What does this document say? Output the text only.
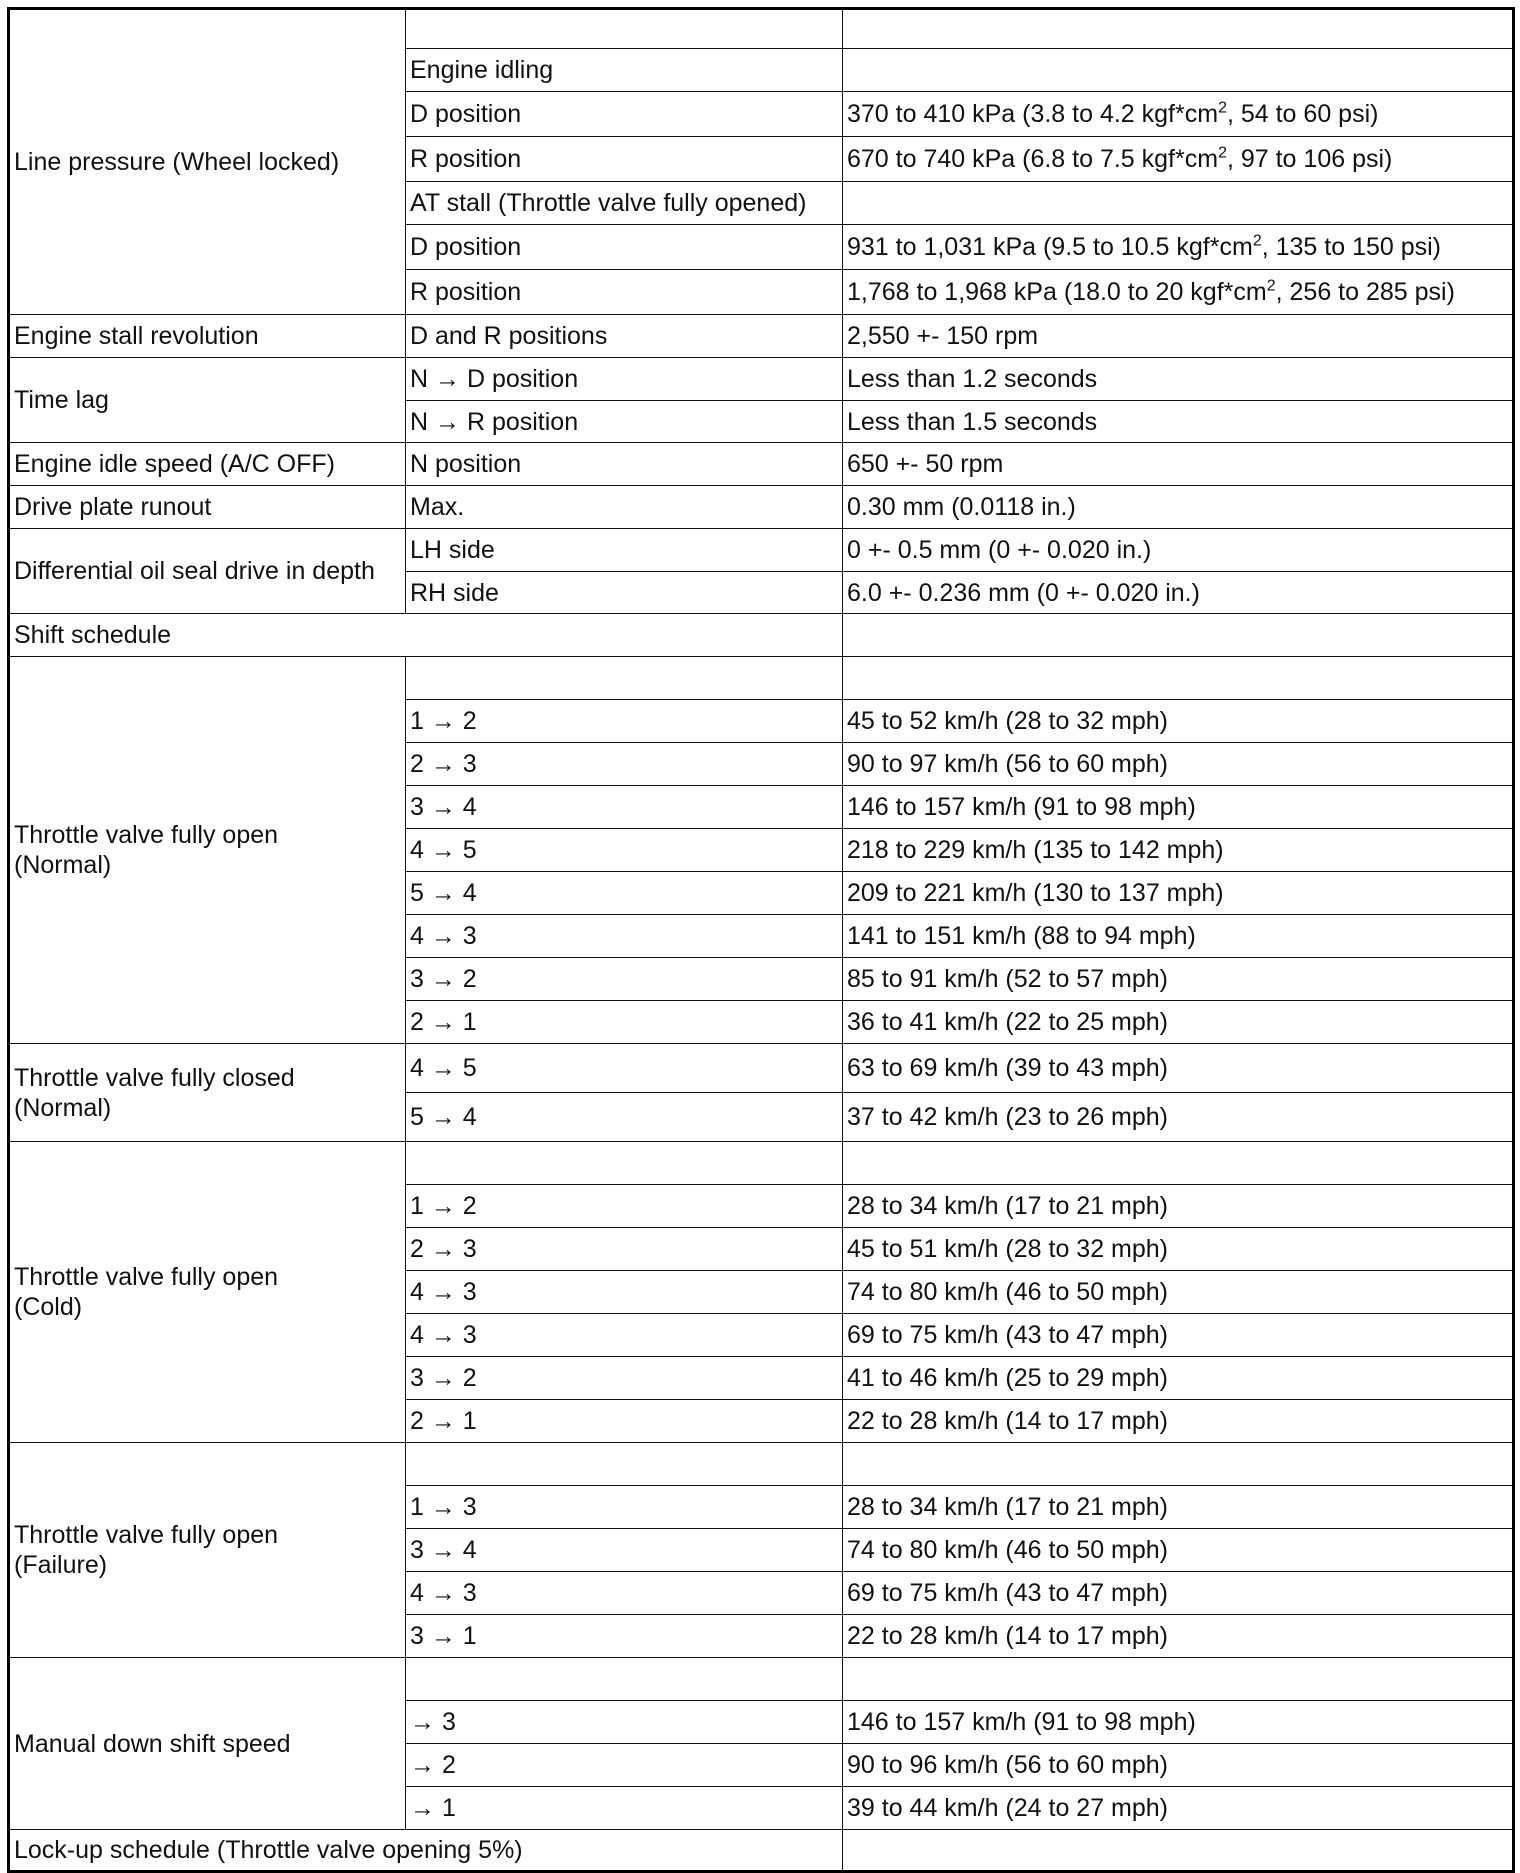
Line pressure (Wheel locked)		
	Engine idling	
	D position	370 to 410 kPa (3.8 to 4.2 $kgf*cm^2$, 54 to 60 psi)
	R position	670 to 740 kPa (6.8 to 7.5 $kgf*cm^2$, 97 to 106 psi)
	AT stall (Throttle valve fully opened)	
	D position	931 to 1,031 kPa (9.5 to 10.5 $kgf*cm^2$, 135 to 150 psi)
	R position	1,768 to 1,968 kPa (18.0 to 20 $kgf*cm^2$, 256 to 285 psi)
Engine stall revolution	D and R positions	2,550 +- 150 rpm
Time lag	N → D position	Less than 1.2 seconds
	N → R position	Less than 1.5 seconds
Engine idle speed (A/C OFF)	N position	650 +- 50 rpm
Drive plate runout	Max.	0.30 mm (0.0118 in.)
Differential oil seal drive in depth	LH side	0 +- 0.5 mm (0 +- 0.020 in.)
	RH side	6.0 +- 0.236 mm (0 +- 0.020 in.)
Shift schedule		
Throttle valve fully open
(Normal)		
	1 → 2	45 to 52 km/h (28 to 32 mph)
	2 → 3	90 to 97 km/h (56 to 60 mph)
	3 → 4	146 to 157 km/h (91 to 98 mph)
	4 → 5	218 to 229 km/h (135 to 142 mph)
	5 → 4	209 to 221 km/h (130 to 137 mph)
	4 → 3	141 to 151 km/h (88 to 94 mph)
	3 → 2	85 to 91 km/h (52 to 57 mph)
	2 → 1	36 to 41 km/h (22 to 25 mph)
Throttle valve fully closed
(Normal)	4 → 5	63 to 69 km/h (39 to 43 mph)
	5 → 4	37 to 42 km/h (23 to 26 mph)
Throttle valve fully open
(Cold)		
	1 → 2	28 to 34 km/h (17 to 21 mph)
	2 → 3	45 to 51 km/h (28 to 32 mph)
	4 → 3	74 to 80 km/h (46 to 50 mph)
	4 → 3	69 to 75 km/h (43 to 47 mph)
	3 → 2	41 to 46 km/h (25 to 29 mph)
	2 → 1	22 to 28 km/h (14 to 17 mph)
Throttle valve fully open
(Failure)		
	1 → 3	28 to 34 km/h (17 to 21 mph)
	3 → 4	74 to 80 km/h (46 to 50 mph)
	4 → 3	69 to 75 km/h (43 to 47 mph)
	3 → 1	22 to 28 km/h (14 to 17 mph)
Manual down shift speed		
	→ 3	146 to 157 km/h (91 to 98 mph)
	→ 2	90 to 96 km/h (56 to 60 mph)
	→ 1	39 to 44 km/h (24 to 27 mph)
Lock-up schedule (Throttle valve opening 5%)		
